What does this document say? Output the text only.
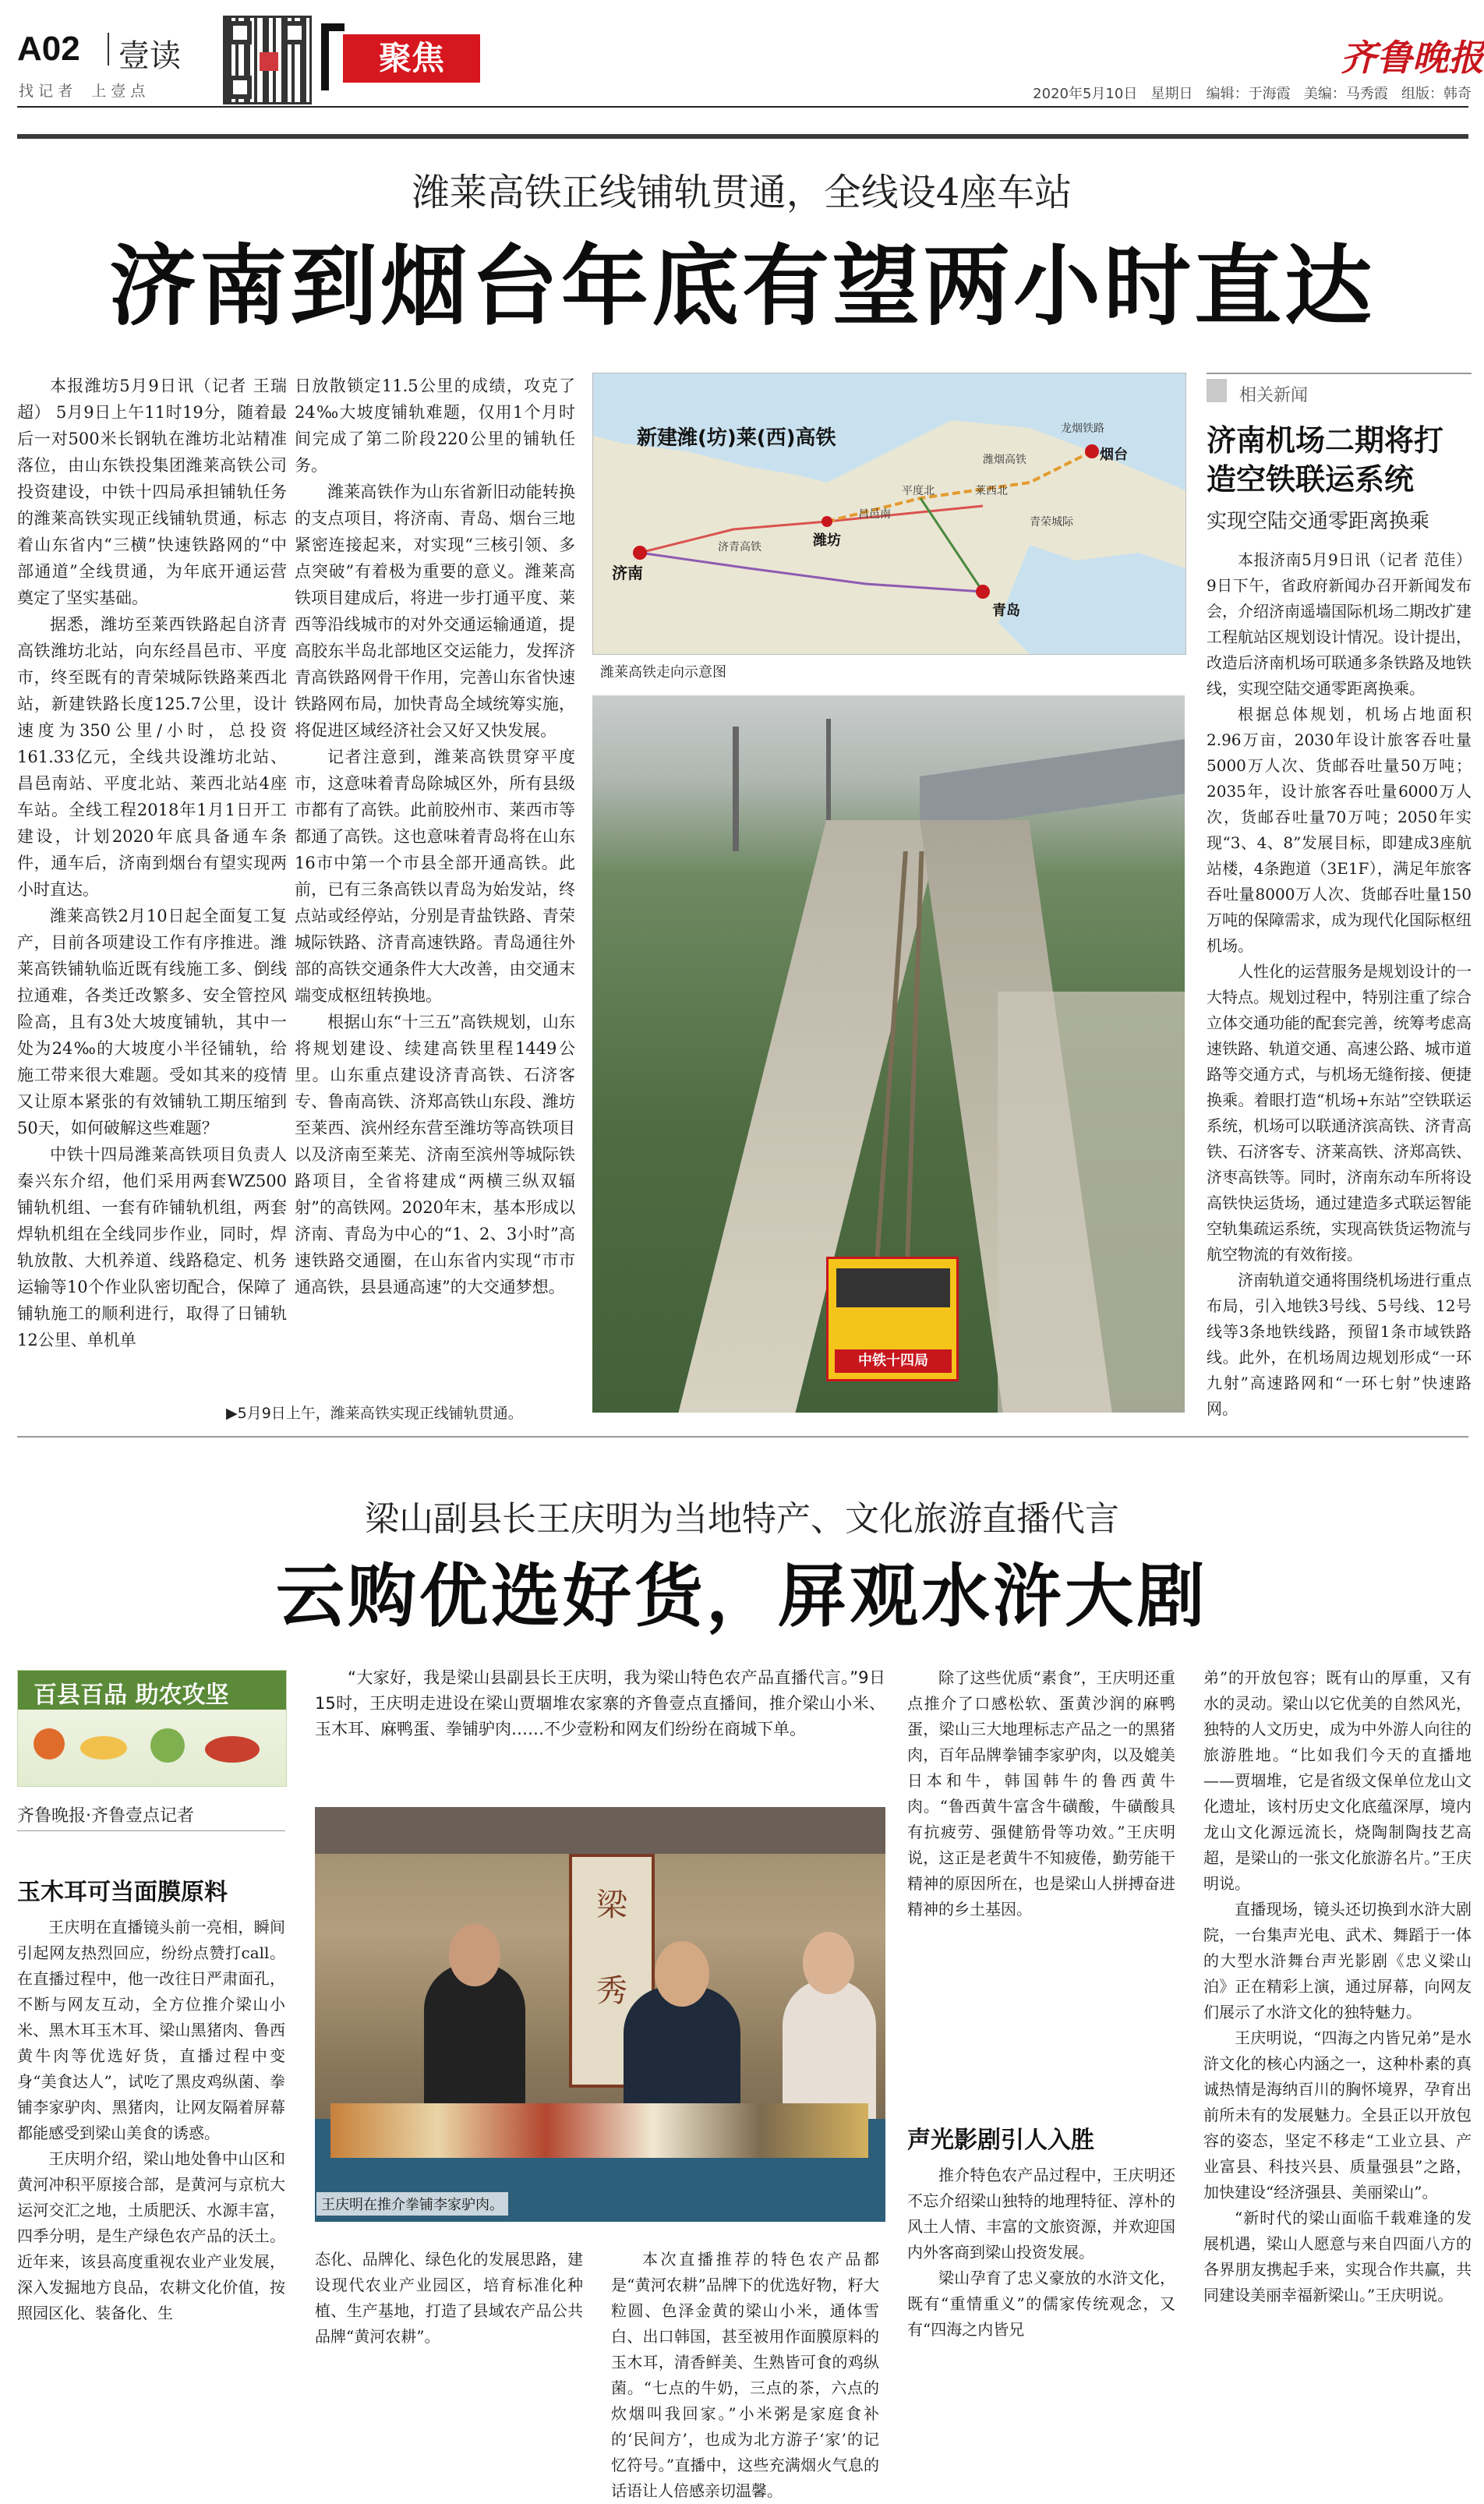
A02 壹读
找 记 者    上 壹 点
聚焦	齐鲁晚报
2020年5月10日   星期日   编辑：于海霞   美编：马秀霞   组版：韩奇
潍莱高铁正线铺轨贯通，全线设4座车站
济南到烟台年底有望两小时直达

本报潍坊5月9日讯（记者 王瑞超） 5月9日上午11时19分，随着最后一对500米长钢轨在潍坊北站精准落位，由山东铁投集团潍莱高铁公司投资建设，中铁十四局承担铺轨任务的潍莱高铁实现正线铺轨贯通，标志着山东省内“三横”快速铁路网的“中部通道”全线贯通，为年底开通运营奠定了坚实基础。

据悉，潍坊至莱西铁路起自济青高铁潍坊北站，向东经昌邑市、平度市，终至既有的青荣城际铁路莱西北站，新建铁路长度125.7公里，设计速度为350公里/小时，总投资161.33亿元，全线共设潍坊北站、昌邑南站、平度北站、莱西北站4座车站。全线工程2018年1月1日开工建设，计划2020年底具备通车条件，通车后，济南到烟台有望实现两小时直达。

潍莱高铁2月10日起全面复工复产，目前各项建设工作有序推进。潍莱高铁铺轨临近既有线施工多、倒线拉通难，各类迁改繁多、安全管控风险高，且有3处大坡度铺轨，其中一处为24‰的大坡度小半径铺轨，给施工带来很大难题。受如其来的疫情又让原本紧张的有效铺轨工期压缩到50天，如何破解这些难题？

中铁十四局潍莱高铁项目负责人秦兴东介绍，他们采用两套WZ500铺轨机组、一套有砟铺轨机组，两套焊轨机组在全线同步作业，同时，焊轨放散、大机养道、线路稳定、机务运输等10个作业队密切配合，保障了铺轨施工的顺利进行，取得了日铺轨12公里、单机单

日放散锁定11.5公里的成绩，攻克了24‰大坡度铺轨难题，仅用1个月时间完成了第二阶段220公里的铺轨任务。

潍莱高铁作为山东省新旧动能转换的支点项目，将济南、青岛、烟台三地紧密连接起来，对实现“三核引领、多点突破”有着极为重要的意义。潍莱高铁项目建成后，将进一步打通平度、莱西等沿线城市的对外交通运输通道，提高胶东半岛北部地区交运能力，发挥济青高铁路网骨干作用，完善山东省快速铁路网布局，加快青岛全域统筹实施，将促进区域经济社会又好又快发展。

记者注意到，潍莱高铁贯穿平度市，这意味着青岛除城区外，所有县级市都有了高铁。此前胶州市、莱西市等都通了高铁。这也意味着青岛将在山东16市中第一个市县全部开通高铁。此前，已有三条高铁以青岛为始发站，终点站或经停站，分别是青盐铁路、青荣城际铁路、济青高速铁路。青岛通往外部的高铁交通条件大大改善，由交通末端变成枢纽转换地。

根据山东“十三五”高铁规划，山东将规划建设、续建高铁里程1449公里。山东重点建设济青高铁、石济客专、鲁南高铁、济郑高铁山东段、潍坊至莱西、滨州经东营至潍坊等高铁项目以及济南至莱芜、济南至滨州等城际铁路项目，全省将建成“两横三纵双辐射”的高铁网。2020年末，基本形成以济南、青岛为中心的“1、2、3小时”高速铁路交通圈，在山东省内实现“市市通高铁，县县通高速”的大交通梦想。

新建潍(坊)莱(西)高铁
烟台
潍坊
济南
青岛
莱西北
平度北
昌邑南
济青高铁
青荣城际
潍烟高铁
龙烟铁路
潍莱高铁走向示意图
中铁十四局
▶5月9日上午，潍莱高铁实现正线铺轨贯通。
相关新闻
济南机场二期将打造空铁联运系统
实现空陆交通零距离换乘

本报济南5月9日讯（记者 范佳） 9日下午，省政府新闻办召开新闻发布会，介绍济南遥墙国际机场二期改扩建工程航站区规划设计情况。设计提出，改造后济南机场可联通多条铁路及地铁线，实现空陆交通零距离换乘。

根据总体规划，机场占地面积2.96万亩，2030年设计旅客吞吐量5000万人次、货邮吞吐量50万吨；2035年，设计旅客吞吐量6000万人次，货邮吞吐量70万吨；2050年实现“3、4、8”发展目标，即建成3座航站楼，4条跑道（3E1F），满足年旅客吞吐量8000万人次、货邮吞吐量150万吨的保障需求，成为现代化国际枢纽机场。

人性化的运营服务是规划设计的一大特点。规划过程中，特别注重了综合立体交通功能的配套完善，统筹考虑高速铁路、轨道交通、高速公路、城市道路等交通方式，与机场无缝衔接、便捷换乘。着眼打造“机场+东站”空铁联运系统，机场可以联通济滨高铁、济青高铁、石济客专、济莱高铁、济郑高铁、济枣高铁等。同时，济南东动车所将设高铁快运货场，通过建造多式联运智能空轨集疏运系统，实现高铁货运物流与航空物流的有效衔接。

济南轨道交通将围绕机场进行重点布局，引入地铁3号线、5号线、12号线等3条地铁线路，预留1条市域铁路线。此外，在机场周边规划形成“一环九射”高速路网和“一环七射”快速路网。

梁山副县长王庆明为当地特产、文化旅游直播代言
云购优选好货，屏观水浒大剧
百县百品 助农攻坚
齐鲁晚报·齐鲁壹点记者
玉木耳可当面膜原料

王庆明在直播镜头前一亮相，瞬间引起网友热烈回应，纷纷点赞打call。在直播过程中，他一改往日严肃面孔，不断与网友互动，全方位推介梁山小米、黑木耳玉木耳、梁山黑猪肉、鲁西黄牛肉等优选好货，直播过程中变身“美食达人”，试吃了黑皮鸡纵菌、拳铺李家驴肉、黑猪肉，让网友隔着屏幕都能感受到梁山美食的诱惑。

王庆明介绍，梁山地处鲁中山区和黄河冲积平原接合部，是黄河与京杭大运河交汇之地，土质肥沃、水源丰富，四季分明，是生产绿色农产品的沃土。近年来，该县高度重视农业产业发展，深入发掘地方良品，农耕文化价值，按照园区化、装备化、生

“大家好，我是梁山县副县长王庆明，我为梁山特色农产品直播代言。”9日15时，王庆明走进设在梁山贾堌堆农家寨的齐鲁壹点直播间，推介梁山小米、玉木耳、麻鸭蛋、拳铺驴肉……不少壹粉和网友们纷纷在商城下单。

梁
秀
王庆明在推介拳铺李家驴肉。

态化、品牌化、绿色化的发展思路，建设现代农业产业园区，培育标准化种植、生产基地，打造了县域农产品公共品牌“黄河农耕”。

本次直播推荐的特色农产品都是“黄河农耕”品牌下的优选好物，籽大粒圆、色泽金黄的梁山小米，通体雪白、出口韩国，甚至被用作面膜原料的玉木耳，清香鲜美、生熟皆可食的鸡纵菌。“七点的牛奶，三点的茶，六点的炊烟叫我回家。”小米粥是家庭食补的‘民间方’，也成为北方游子‘家’的记忆符号。”直播中，这些充满烟火气息的话语让人倍感亲切温馨。

除了这些优质“素食”，王庆明还重点推介了口感松软、蛋黄沙润的麻鸭蛋，梁山三大地理标志产品之一的黑猪肉，百年品牌拳铺李家驴肉，以及媲美日本和牛，韩国韩牛的鲁西黄牛肉。“鲁西黄牛富含牛磺酸，牛磺酸具有抗疲劳、强健筋骨等功效。”王庆明说，这正是老黄牛不知疲倦，勤劳能干精神的原因所在，也是梁山人拼搏奋进精神的乡土基因。

声光影剧引人入胜

推介特色农产品过程中，王庆明还不忘介绍梁山独特的地理特征、淳朴的风土人情、丰富的文旅资源，并欢迎国内外客商到梁山投资发展。

梁山孕育了忠义豪放的水浒文化，既有“重情重义”的儒家传统观念，又有“四海之内皆兄

弟”的开放包容；既有山的厚重，又有水的灵动。梁山以它优美的自然风光，独特的人文历史，成为中外游人向往的旅游胜地。“比如我们今天的直播地——贾堌堆，它是省级文保单位龙山文化遗址，该村历史文化底蕴深厚，境内龙山文化源远流长，烧陶制陶技艺高超，是梁山的一张文化旅游名片。”王庆明说。

直播现场，镜头还切换到水浒大剧院，一台集声光电、武术、舞蹈于一体的大型水浒舞台声光影剧《忠义梁山泊》正在精彩上演，通过屏幕，向网友们展示了水浒文化的独特魅力。

王庆明说，“四海之内皆兄弟”是水浒文化的核心内涵之一，这种朴素的真诚热情是海纳百川的胸怀境界，孕育出前所未有的发展魅力。全县正以开放包容的姿态，坚定不移走“工业立县、产业富县、科技兴县、质量强县”之路，加快建设“经济强县、美丽梁山”。

“新时代的梁山面临千载难逢的发展机遇，梁山人愿意与来自四面八方的各界朋友携起手来，实现合作共赢，共同建设美丽幸福新梁山。”王庆明说。
